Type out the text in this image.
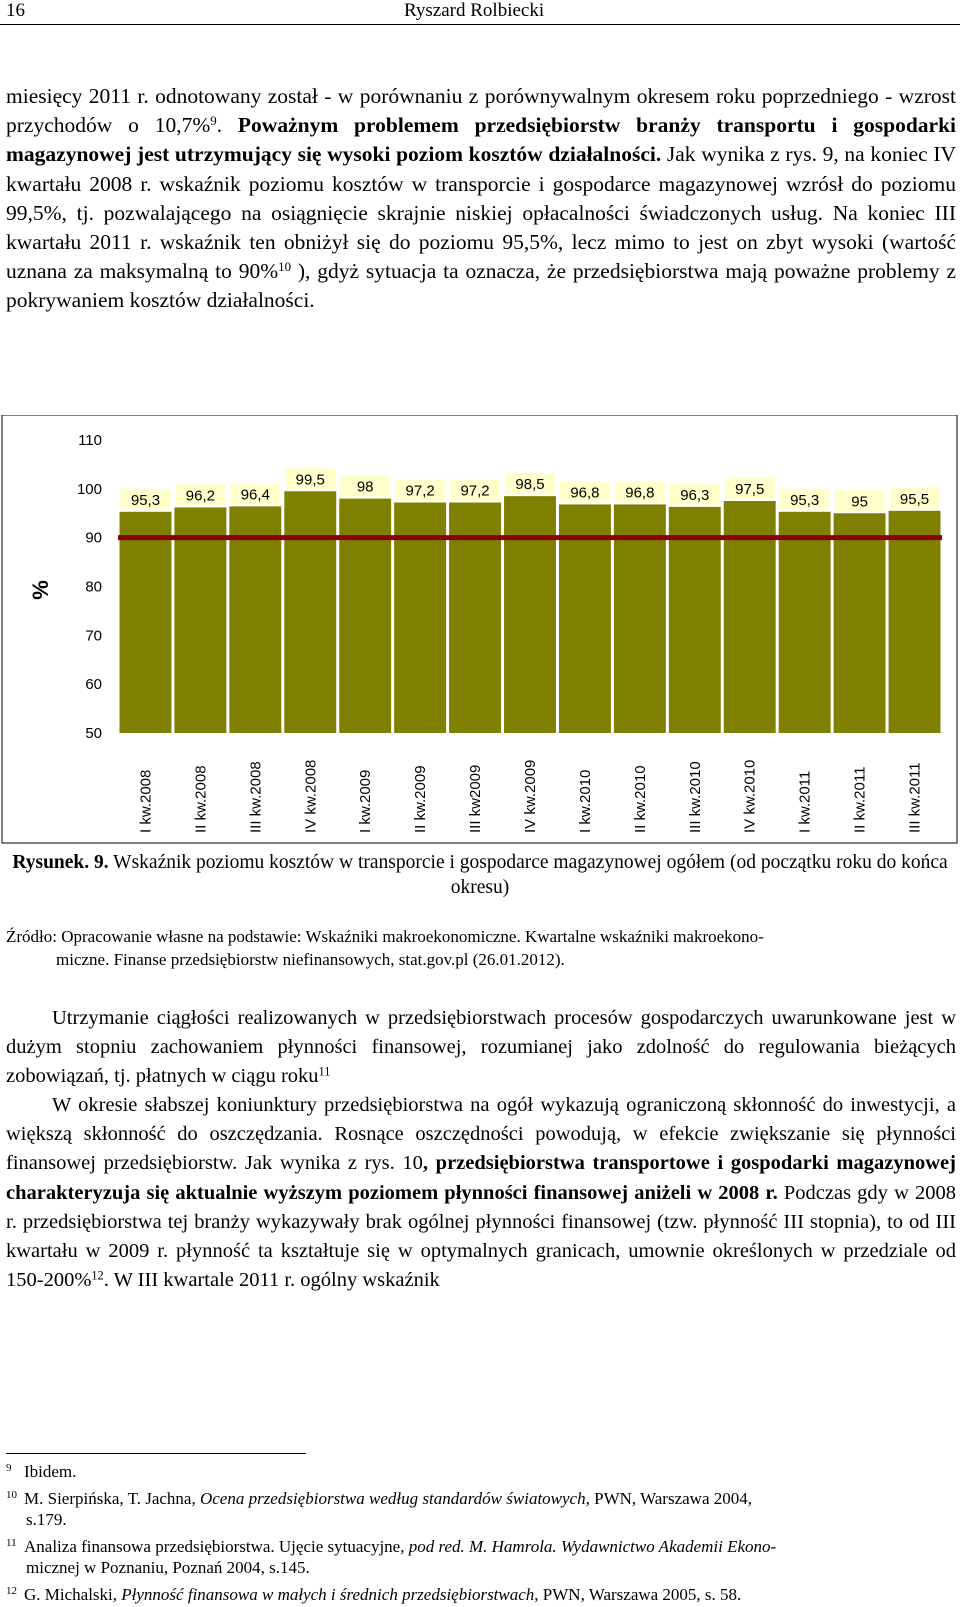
16	Ryszard Rolbiecki
miesięcy 2011 r. odnotowany został - w porównaniu z porównywalnym okresem roku poprzedniego - wzrost przychodów o 10,7%$^9$. Poważnym problemem przedsiębiorstw branży transportu i gospodarki magazynowej jest utrzymujący się wysoki poziom kosztów działalności. Jak wynika z rys. 9, na koniec IV kwartału 2008 r. wskaźnik poziomu kosztów w transporcie i gospodarce magazynowej wzrósł do poziomu 99,5%, tj. pozwalającego na osiągnięcie skrajnie niskiej opłacalności świadczonych usług. Na koniec III kwartału 2011 r. wskaźnik ten obniżył się do poziomu 95,5%, lecz mimo to jest on zbyt wysoki (wartość uznana za maksymalną to 90%$^{10}$ ), gdyż sytuacja ta oznacza, że przedsiębiorstwa mają poważne problemy z pokrywaniem kosztów działalności.
%
110
100
90
80
70
60
50
95,3 96,2 96,4
99,5 98 97,2 97,2 98,5 96,8 96,8 96,3 97,5
95,3 95 95,5
I kw.2008	II kw.2008	III kw.2008	IV kw.2008	I kw.2009	II kw.2009	III kw2009	IV kw.2009	I kw.2010	II kw.2010	III kw.2010	IV kw.2010	I kw.2011	II kw.2011	III kw.2011
Rysunek. 9. Wskaźnik poziomu kosztów w transporcie i gospodarce magazynowej ogółem (od początku roku do końca okresu)
Źródło: Opracowanie własne na podstawie: Wskaźniki makroekonomiczne. Kwartalne wskaźniki makroekono-
miczne. Finanse przedsiębiorstw niefinansowych, stat.gov.pl (26.01.2012).
Utrzymanie ciągłości realizowanych w przedsiębiorstwach procesów gospodarczych uwarunkowane jest w dużym stopniu zachowaniem płynności finansowej, rozumianej jako zdolność do regulowania bieżących zobowiązań, tj. płatnych w ciągu roku$^{11}$
W okresie słabszej koniunktury przedsiębiorstwa na ogół wykazują ograniczoną skłonność do inwestycji, a większą skłonność do oszczędzania. Rosnące oszczędności powodują, w efekcie zwiększanie się płynności finansowej przedsiębiorstw. Jak wynika z rys. 10, przedsiębiorstwa transportowe i gospodarki magazynowej charakteryzuja się aktualnie wyższym poziomem płynności finansowej aniżeli w 2008 r. Podczas gdy w 2008 r. przedsiębiorstwa tej branży wykazywały brak ogólnej płynności finansowej (tzw. płynność III stopnia), to od III kwartału w 2009 r. płynność ta kształtuje się w optymalnych granicach, umownie określonych w przedziale od 150-200%$^{12}$. W III kwartale 2011 r. ogólny wskaźnik
9 Ibidem.
10 M. Sierpińska, T. Jachna, Ocena przedsiębiorstwa według standardów światowych, PWN, Warszawa 2004,
s.179.
11 Analiza finansowa przedsiębiorstwa. Ujęcie sytuacyjne, pod red. M. Hamrola. Wydawnictwo Akademii Ekono-
micznej w Poznaniu, Poznań 2004, s.145.
12 G. Michalski, Płynność finansowa w małych i średnich przedsiębiorstwach, PWN, Warszawa 2005, s. 58.
